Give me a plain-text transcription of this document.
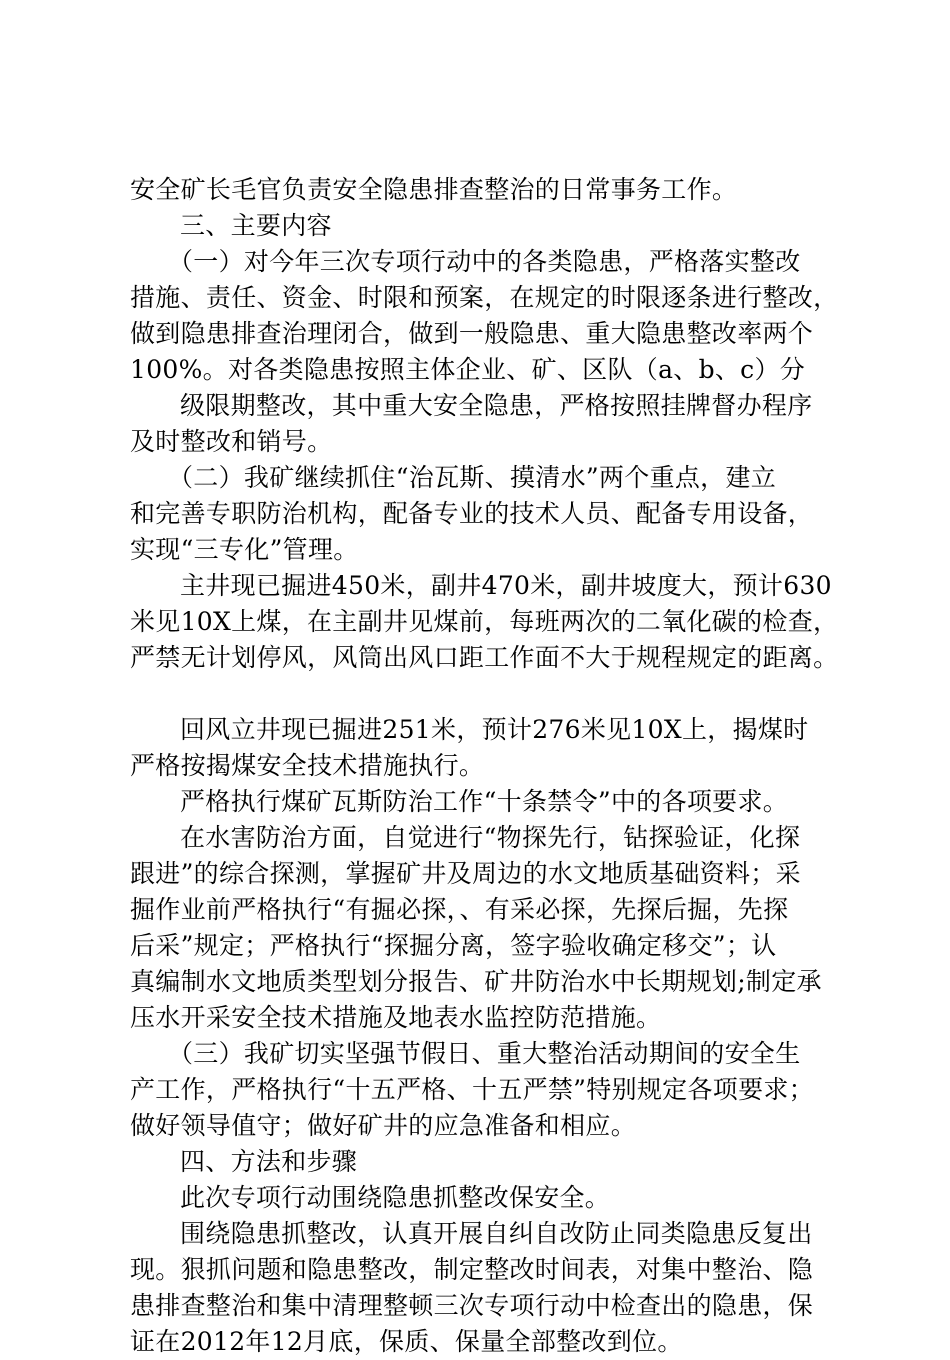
安全矿长毛官负责安全隐患排查整治的日常事务工作。
三、主要内容
（一）对今年三次专项行动中的各类隐患，严格落实整改
措施、责任、资金、时限和预案，在规定的时限逐条进行整改，
做到隐患排查治理闭合，做到一般隐患、重大隐患整改率两个
100%。对各类隐患按照主体企业、矿、区队（a、b、c）分
级限期整改，其中重大安全隐患，严格按照挂牌督办程序
及时整改和销号。
（二）我矿继续抓住“治瓦斯、摸清水”两个重点，建立
和完善专职防治机构，配备专业的技术人员、配备专用设备，
实现“三专化”管理。
主井现已掘进450米，副井470米，副井坡度大，预计630
米见10X上煤，在主副井见煤前，每班两次的二氧化碳的检查，
严禁无计划停风，风筒出风口距工作面不大于规程规定的距离。
回风立井现已掘进251米，预计276米见10X上，揭煤时
严格按揭煤安全技术措施执行。
严格执行煤矿瓦斯防治工作“十条禁令”中的各项要求。
在水害防治方面，自觉进行“物探先行，钻探验证，化探
跟进”的综合探测，掌握矿井及周边的水文地质基础资料；采
掘作业前严格执行“有掘必探，、有采必探，先探后掘，先探
后采”规定；严格执行“探掘分离，签字验收确定移交”；认
真编制水文地质类型划分报告、矿井防治水中长期规划;制定承
压水开采安全技术措施及地表水监控防范措施。
（三）我矿切实坚强节假日、重大整治活动期间的安全生
产工作，严格执行“十五严格、十五严禁”特别规定各项要求；
做好领导值守；做好矿井的应急准备和相应。
四、方法和步骤
此次专项行动围绕隐患抓整改保安全。
围绕隐患抓整改，认真开展自纠自改防止同类隐患反复出
现。狠抓问题和隐患整改，制定整改时间表，对集中整治、隐
患排查整治和集中清理整顿三次专项行动中检查出的隐患，保
证在2012年12月底，保质、保量全部整改到位。
